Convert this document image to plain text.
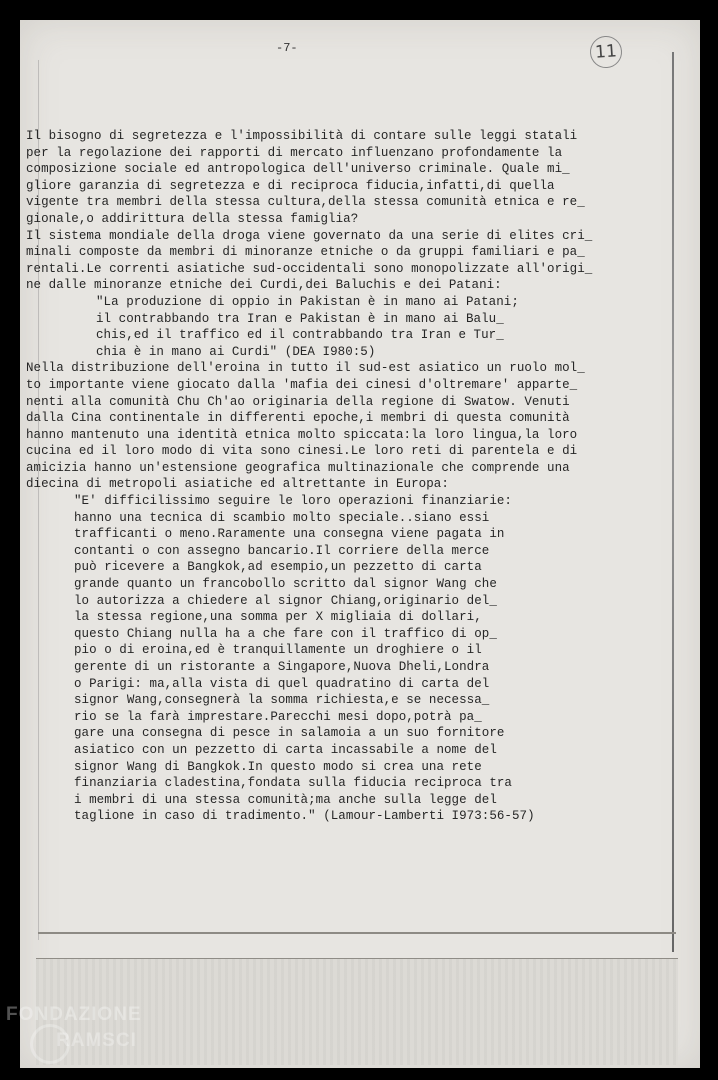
-7-	11
Il bisogno di segretezza e l'impossibilità di contare sulle leggi statali
per la regolazione dei rapporti di mercato influenzano profondamente la
composizione sociale ed antropologica dell'universo criminale. Quale mi_
gliore garanzia di segretezza e di reciproca fiducia,infatti,di quella
vigente tra membri della stessa cultura,della stessa comunità etnica e re_
gionale,o addirittura della stessa famiglia?
Il sistema mondiale della droga viene governato da una serie di elites cri_
minali composte da membri di minoranze etniche o da gruppi familiari e pa_
rentali.Le correnti asiatiche sud-occidentali sono monopolizzate all'origi_
ne dalle minoranze etniche dei Curdi,dei Baluchis e dei Patani:
"La produzione di oppio in Pakistan è in mano ai Patani;
il contrabbando tra Iran e Pakistan è in mano ai Balu_
chis,ed il traffico ed il contrabbando tra Iran e Tur_
chia è in mano ai Curdi" (DEA I980:5)
Nella distribuzione dell'eroina in tutto il sud-est asiatico un ruolo mol_
to importante viene giocato dalla 'mafia dei cinesi d'oltremare' apparte_
nenti alla comunità Chu Ch'ao originaria della regione di Swatow. Venuti
dalla Cina continentale in differenti epoche,i membri di questa comunità
hanno mantenuto una identità etnica molto spiccata:la loro lingua,la loro
cucina ed il loro modo di vita sono cinesi.Le loro reti di parentela e di
amicizia hanno un'estensione geografica multinazionale che comprende una
diecina di metropoli asiatiche ed altrettante in Europa:
"E' difficilissimo seguire le loro operazioni finanziarie:
hanno una tecnica di scambio molto speciale..siano essi
trafficanti o meno.Raramente una consegna viene pagata in
contanti o con assegno bancario.Il corriere della merce
può ricevere a Bangkok,ad esempio,un pezzetto di carta
grande quanto un francobollo scritto dal signor Wang che
lo autorizza a chiedere al signor Chiang,originario del_
la stessa regione,una somma per X migliaia di dollari,
questo Chiang nulla ha a che fare con il traffico di op_
pio o di eroina,ed è tranquillamente un droghiere o il
gerente di un ristorante a Singapore,Nuova Dheli,Londra
o Parigi: ma,alla vista di quel quadratino di carta del
signor Wang,consegnerà la somma richiesta,e se necessa_
rio se la farà imprestare.Parecchi mesi dopo,potrà pa_
gare una consegna di pesce in salamoia a un suo fornitore
asiatico con un pezzetto di carta incassabile a nome del
signor Wang di Bangkok.In questo modo si crea una rete
finanziaria cladestina,fondata sulla fiducia reciproca tra
i membri di una stessa comunità;ma anche sulla legge del
taglione in caso di tradimento." (Lamour-Lamberti I973:56-57)
FONDAZIONE
RAMSCI
